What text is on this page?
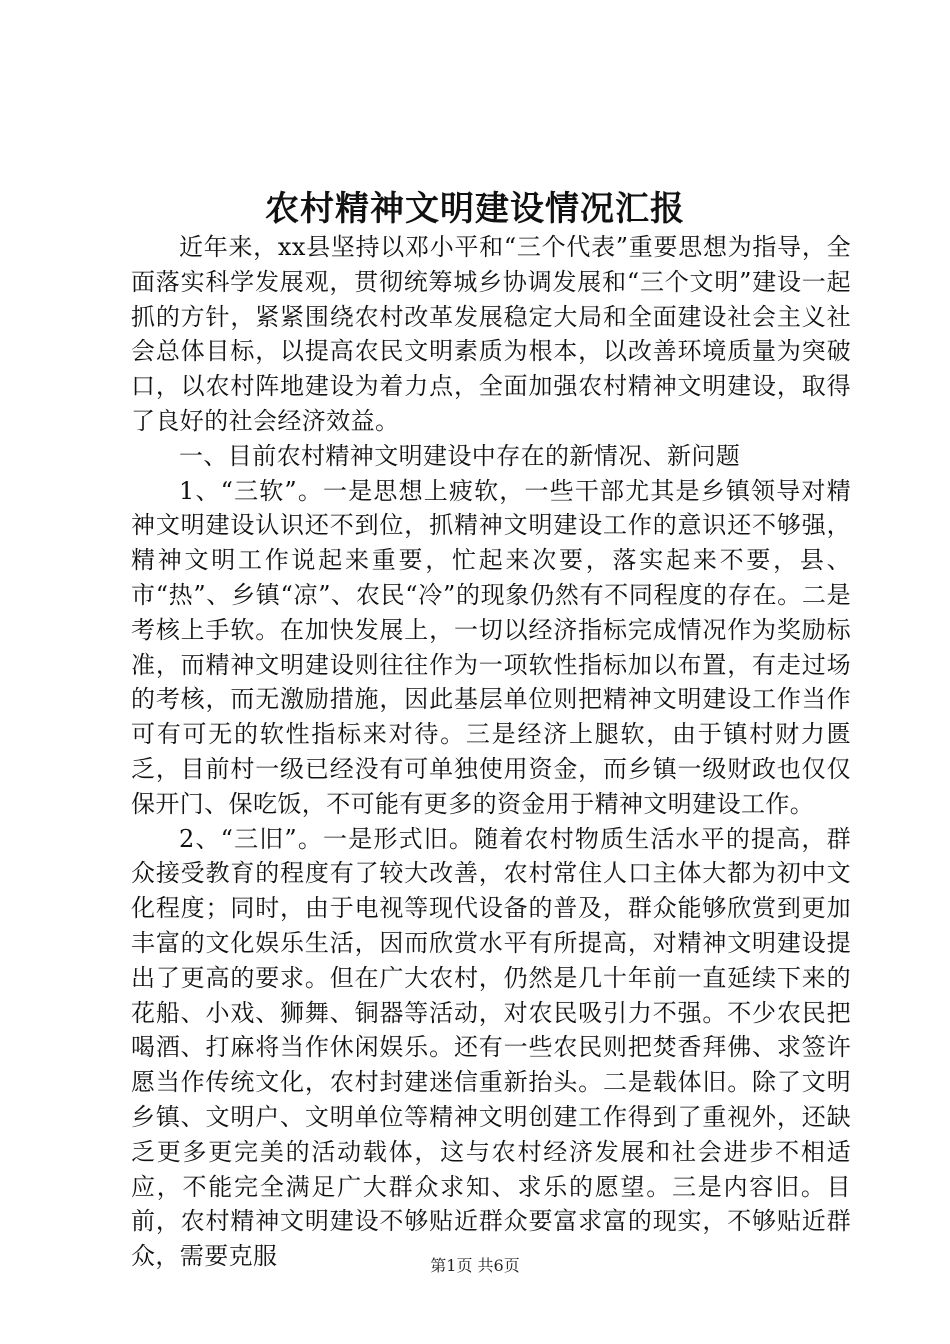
农村精神文明建设情况汇报

近年来，xx县坚持以邓小平和“三个代表”重要思想为指导，全面落实科学发展观，贯彻统筹城乡协调发展和“三个文明”建设一起抓的方针，紧紧围绕农村改革发展稳定大局和全面建设社会主义社会总体目标，以提高农民文明素质为根本，以改善环境质量为突破口，以农村阵地建设为着力点，全面加强农村精神文明建设，取得了良好的社会经济效益。

一、目前农村精神文明建设中存在的新情况、新问题

1、“三软”。一是思想上疲软，一些干部尤其是乡镇领导对精神文明建设认识还不到位，抓精神文明建设工作的意识还不够强，精神文明工作说起来重要，忙起来次要，落实起来不要，县、市“热”、乡镇“凉”、农民“冷”的现象仍然有不同程度的存在。二是考核上手软。在加快发展上，一切以经济指标完成情况作为奖励标准，而精神文明建设则往往作为一项软性指标加以布置，有走过场的考核，而无激励措施，因此基层单位则把精神文明建设工作当作可有可无的软性指标来对待。三是经济上腿软，由于镇村财力匮乏，目前村一级已经没有可单独使用资金，而乡镇一级财政也仅仅保开门、保吃饭，不可能有更多的资金用于精神文明建设工作。

2、“三旧”。一是形式旧。随着农村物质生活水平的提高，群众接受教育的程度有了较大改善，农村常住人口主体大都为初中文化程度；同时，由于电视等现代设备的普及，群众能够欣赏到更加丰富的文化娱乐生活，因而欣赏水平有所提高，对精神文明建设提出了更高的要求。但在广大农村，仍然是几十年前一直延续下来的花船、小戏、狮舞、铜器等活动，对农民吸引力不强。不少农民把喝酒、打麻将当作休闲娱乐。还有一些农民则把焚香拜佛、求签许愿当作传统文化，农村封建迷信重新抬头。二是载体旧。除了文明乡镇、文明户、文明单位等精神文明创建工作得到了重视外，还缺乏更多更完美的活动载体，这与农村经济发展和社会进步不相适应，不能完全满足广大群众求知、求乐的愿望。三是内容旧。目前，农村精神文明建设不够贴近群众要富求富的现实，不够贴近群众，需要克服	第1页 共6页
